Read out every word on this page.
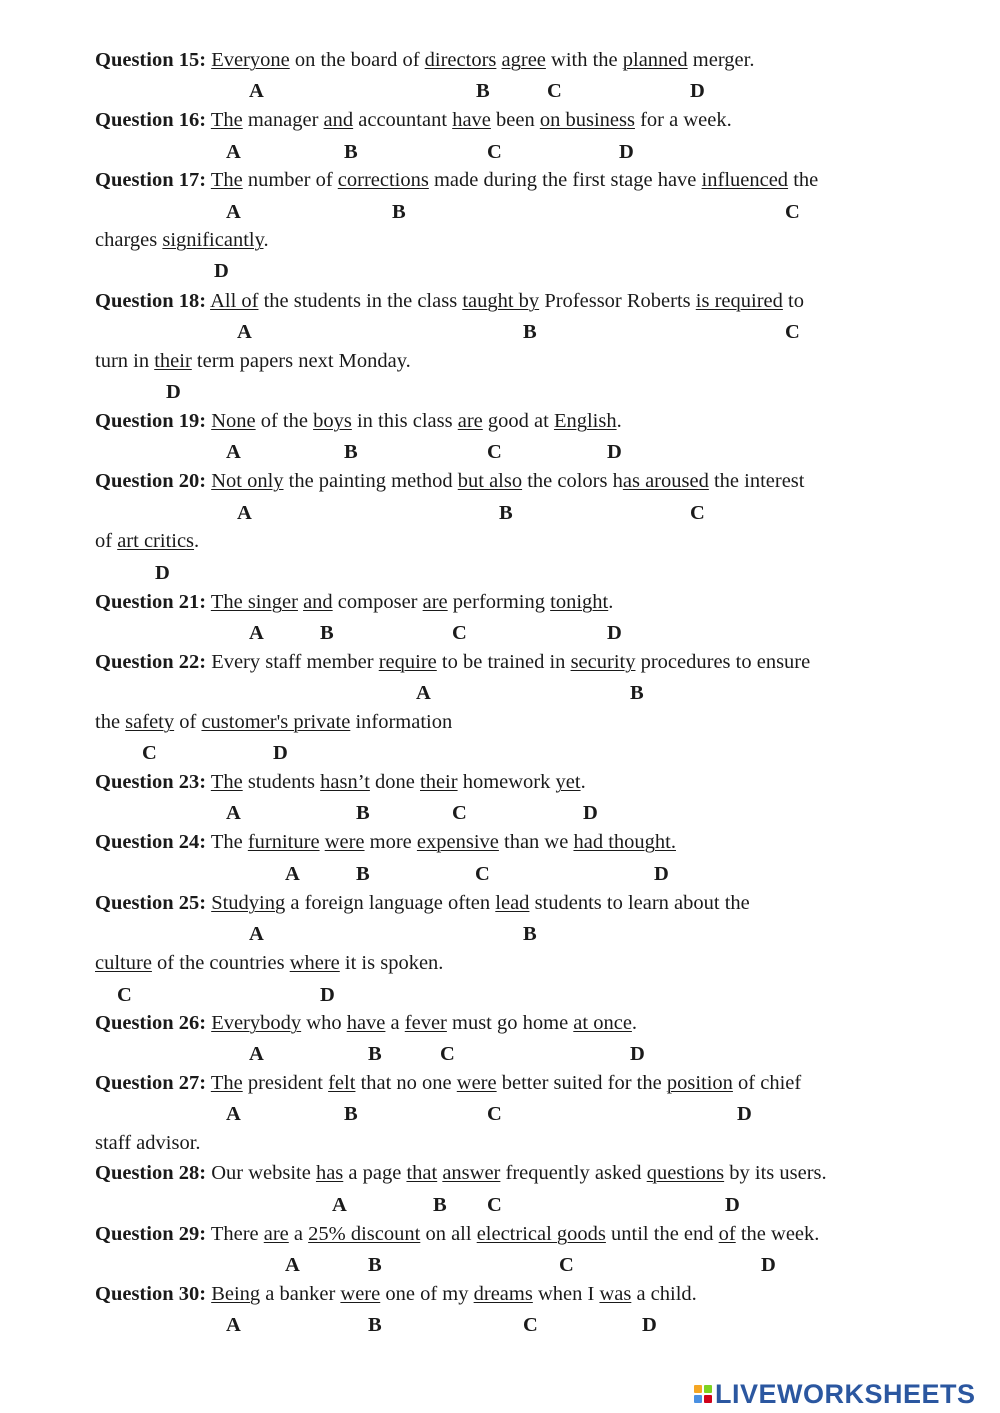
Question 15: Everyone on the board of directors agree with the planned merger.
A	B	C	D
Question 16: The manager and accountant have been on business for a week.
A	B	C	D
Question 17: The number of corrections made during the first stage have influenced the
A	B	C
charges significantly.
D
Question 18: All of the students in the class taught by Professor Roberts is required to
A	B	C
turn in their term papers next Monday.
D
Question 19: None of the boys in this class are good at English.
A	B	C	D
Question 20: Not only the painting method but also the colors has aroused the interest
A	B	C
of art critics.
D
Question 21: The singer and composer are performing tonight.
A	B	C	D
Question 22: Every staff member require to be trained in security procedures to ensure
A	B
the safety of customer's private information
C	D
Question 23: The students hasn’t done their homework yet.
A	B	C	D
Question 24: The furniture were more expensive than we had thought.
A	B	C	D
Question 25: Studying a foreign language often lead students to learn about the
A	B
culture of the countries where it is spoken.
C	D
Question 26: Everybody who have a fever must go home at once.
A	B	C	D
Question 27: The president felt that no one were better suited for the position of chief
A	B	C	D
staff advisor.
Question 28: Our website has a page that answer frequently asked questions by its users.
A	B C	D
Question 29: There are a 25% discount on all electrical goods until the end of the week.
A	B	C	D
Question 30: Being a banker were one of my dreams when I was a child.
A	B	C	D
LIVEWORKSHEETS
